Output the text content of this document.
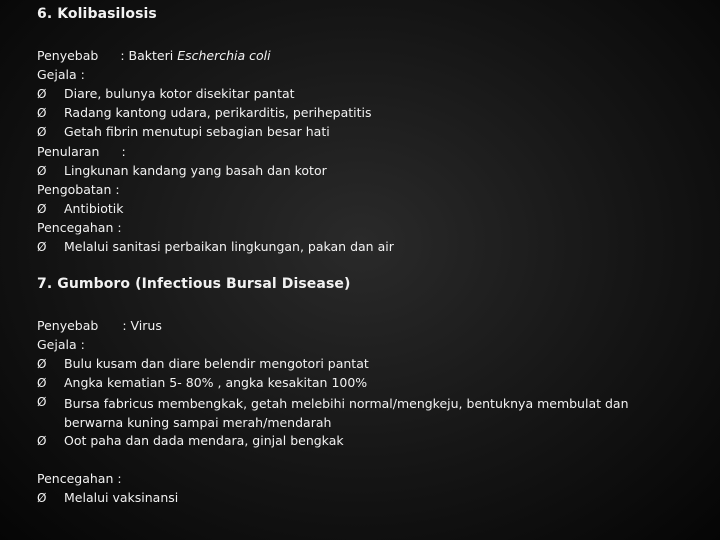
6. Kolibasilosis
Penyebab : Bakteri Escherchia coli
Gejala :
Ø Diare, bulunya kotor disekitar pantat
Ø Radang kantong udara, perikarditis, perihepatitis
Ø Getah fibrin menutupi sebagian besar hati
Penularan :
Ø Lingkunan kandang yang basah dan kotor
Pengobatan :
Ø Antibiotik
Pencegahan :
Ø Melalui sanitasi perbaikan lingkungan, pakan dan air
7. Gumboro (Infectious Bursal Disease)
Penyebab : Virus
Gejala :
Ø Bulu kusam dan diare belendir mengotori pantat
Ø Angka kematian 5- 80% , angka kesakitan 100%
Ø Bursa fabricus membengkak, getah melebihi normal/mengkeju, bentuknya membulat dan berwarna kuning sampai merah/mendarah
Ø Oot paha dan dada mendara, ginjal bengkak
Pencegahan :
Ø Melalui vaksinansi
